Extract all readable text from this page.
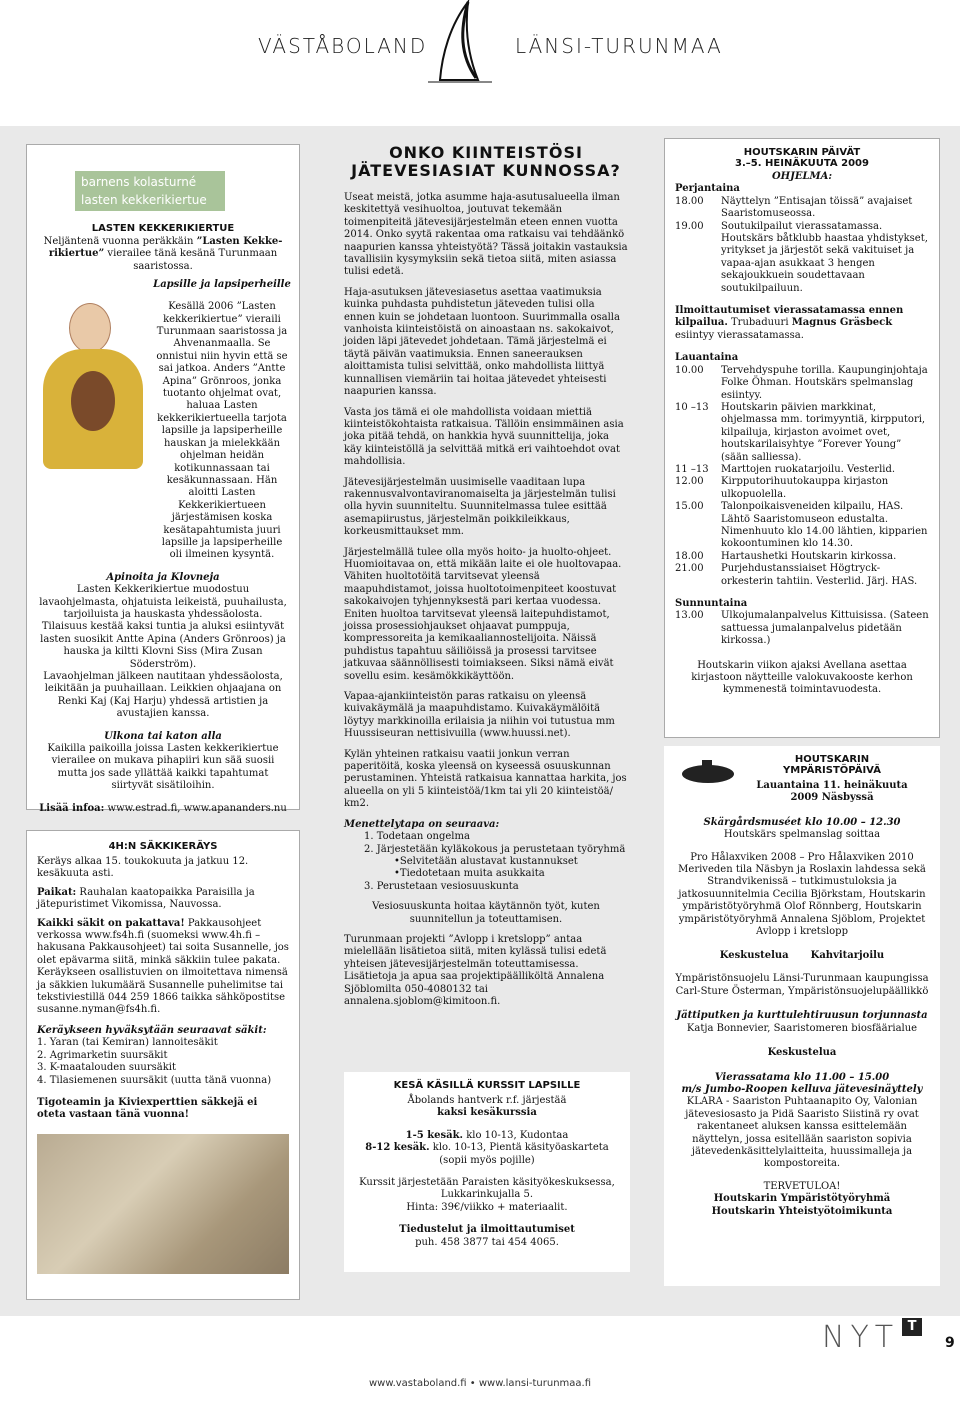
VÄSTÅBOLAND	LÄNSI-TURUNMAA
barnens kolasturné
lasten kekkerikiertue
LASTEN KEKKERIKIERTUE

Neljäntenä vuonna peräkkäin ”Lasten Kekke-rikiertue” vierailee tänä kesänä Turunmaan saaristossa.

Lapsille ja lapsiperheille

Kesällä 2006 ”Lasten kekkerikiertue” vieraili Turunmaan saaristossa ja Ahvenanmaalla. Se onnistui niin hyvin että se sai jatkoa. Anders ”Antte Apina” Grönroos, jonka tuotanto ohjelmat ovat, haluaa Lasten kekkerikiertueella tarjota lapsille ja lapsiperheille hauskan ja mielekkään ohjelman heidän kotikunnassaan tai kesäkunnassaan. Hän aloitti Lasten Kekkerikiertueen järjestämisen koska kesätapahtumista juuri lapsille ja lapsiperheille oli ilmeinen kysyntä.

Apinoita ja Klovneja

Lasten Kekkerikiertue muodostuu lavaohjelmasta, ohjatuista leikeistä, puuhailusta, tarjoiluista ja hauskasta yhdessäolosta.

Tilaisuus kestää kaksi tuntia ja aluksi esiintyvät lasten suosikit Antte Apina (Anders Grönroos) ja hauska ja kiltti Klovni Siss (Mira Zusan Söderström).

Lavaohjelman jälkeen nautitaan yhdessäolosta, leikitään ja puuhaillaan. Leikkien ohjaajana on Renki Kaj (Kaj Harju) yhdessä artistien ja avustajien kanssa.

Ulkona tai katon alla

Kaikilla paikoilla joissa Lasten kekkerikiertue vierailee on mukava pihapiiri kun sää suosii mutta jos sade yllättää kaikki tapahtumat siirtyvät sisätiloihin.

Lisää infoa: www.estrad.fi, www.apananders.nu

4H:N SÄKKIKERÄYS

Keräys alkaa 15. toukokuuta ja jatkuu 12. kesäkuuta asti.

Paikat: Rauhalan kaatopaikka Paraisilla ja jätepuristimet Vikomissa, Nauvossa.

Kaikki säkit on pakattava! Pakkausohjeet verkossa www.fs4h.fi (suomeksi www.4h.fi – hakusana Pakkausohjeet) tai soita Susannelle, jos olet epävarma siitä, minkä säkkiin tulee pakata. Keräykseen osallistuvien on ilmoitettava nimensä ja säkkien lukumäärä Susannelle puhelimitse tai tekstiviestillä 044 259 1866 taikka sähköpostitse susanne.nyman@fs4h.fi.

Keräykseen hyväksytään seuraavat säkit:

1. Yaran (tai Kemiran) lannoitesäkit

2. Agrimarketin suursäkit

3. K-maatalouden suursäkit

4. Tilasiemenen suursäkit (uutta tänä vuonna)

Tigoteamin ja Kiviexperttien säkkejä ei oteta vastaan tänä vuonna!

ONKO KIINTEISTÖSI
JÄTEVESIASIAT KUNNOSSA?

Useat meistä, jotka asumme haja-asutusalueella ilman keskitettyä vesihuoltoa, joutuvat tekemään toimenpiteitä jätevesijärjestelmän eteen ennen vuotta 2014. Onko syytä rakentaa oma ratkaisu vai tehdäänkö naapurien kanssa yhteistyötä? Tässä joitakin vastauksia tavallisiin kysymyksiin sekä tietoa siitä, miten asiassa tulisi edetä.

Haja-asutuksen jätevesiasetus asettaa vaatimuksia kuinka puhdasta puhdistetun jäteveden tulisi olla ennen kuin se johdetaan luontoon. Suurimmalla osalla vanhoista kiinteistöistä on ainoastaan ns. sakokaivot, joiden läpi jätevedet johdetaan. Tämä järjestelmä ei täytä päivän vaatimuksia. Ennen saneerauksen aloittamista tulisi selvittää, onko mahdollista liittyä kunnallisen viemäriin tai hoitaa jätevedet yhteisesti naapurien kanssa.

Vasta jos tämä ei ole mahdollista voidaan miettiä kiinteistökohtaista ratkaisua. Tällöin ensimmäinen asia joka pitää tehdä, on hankkia hyvä suunnittelija, joka käy kiinteistöllä ja selvittää mitkä eri vaihtoehdot ovat mahdollisia.

Jätevesijärjestelmän uusimiselle vaaditaan lupa rakennusvalvontaviranomaiselta ja järjestelmän tulisi olla hyvin suunniteltu. Suunnitelmassa tulee esittää asemapiirustus, järjestelmän poikkileikkaus, korkeusmittaukset mm.

Järjestelmällä tulee olla myös hoito- ja huolto-ohjeet. Huomioitavaa on, että mikään laite ei ole huoltovapaa. Vähiten huoltotöitä tarvitsevat yleensä maapuhdistamot, joissa huoltotoimenpiteet koostuvat sakokaivojen tyhjennyksestä pari kertaa vuodessa. Eniten huoltoa tarvitsevat yleensä laitepuhdistamot, joissa prosessiohjaukset ohjaavat pumppuja, kompressoreita ja kemikaaliannostelijoita. Näissä puhdistus tapahtuu säiliöissä ja prosessi tarvitsee jatkuvaa säännöllisesti toimiakseen. Siksi nämä eivät sovellu esim. kesämökkikäyttöön.

Vapaa-ajankiinteistön paras ratkaisu on yleensä kuivakäymälä ja maapuhdistamo. Kuivakäymälöitä löytyy markkinoilla erilaisia ja niihin voi tutustua mm Huussiseuran nettisivuilla (www.huussi.net).

Kylän yhteinen ratkaisu vaatii jonkun verran paperitöitä, koska yleensä on kyseessä osuuskunnan perustaminen. Yhteistä ratkaisua kannattaa harkita, jos alueella on yli 5 kiinteistöä/1km tai yli 20 kiinteistöä/ km2.

Menettelytapa on seuraava:

1. Todetaan ongelma

2. Järjestetään kyläkokous ja perustetaan työryhmä

•Selvitetään alustavat kustannukset

•Tiedotetaan muita asukkaita

3. Perustetaan vesiosuuskunta

Vesiosuuskunta hoitaa käytännön työt, kuten suunnitellun ja toteuttamisen.

Turunmaan projekti ”Avlopp i kretslopp” antaa mielellään lisätietoa siitä, miten kylässä tulisi edetä yhteisen jätevesijärjestelmän toteuttamisessa. Lisätietoja ja apua saa projektipäälliköltä Annalena Sjöblomilta 050-4080132 tai annalena.sjoblom@kimitoon.fi.

KESÄ KÄSILLÄ KURSSIT LAPSILLE

Åbolands hantverk r.f. järjestää

kaksi kesäkurssia

1-5 kesäk. klo 10-13, Kudontaa

8-12 kesäk. klo. 10-13, Pientä käsityöaskarteta (sopii myös pojille)

Kurssit järjestetään Paraisten käsityökeskuksessa, Lukkarinkujalla 5.

Hinta: 39€/viikko + materiaalit.

Tiedustelut ja ilmoittautumiset

puh. 458 3877 tai 454 4065.

HOUTSKARIN PÄIVÄT
3.–5. HEINÄKUUTA 2009

OHJELMA:

Perjantaina

18.00	Näyttelyn ”Entisajan töissä” avajaiset Saaristomuseossa.
19.00	Soutukilpailut vierassatamassa. Houtskärs båtklubb haastaa yhdistykset, yritykset ja järjestöt sekä vakituiset ja vapaa-ajan asukkaat 3 hengen sekajoukkuein soudettavaan soutukilpailuun.

Ilmoittautumiset vierassatamassa ennen kilpailua. Trubaduuri Magnus Gräsbeck esiintyy vierassatamassa.

Lauantaina

10.00	Tervehdyspuhe torilla. Kaupunginjohtaja Folke Öhman. Houtskärs spelmanslag esiintyy.
10 –13	Houtskarin päivien markkinat, ohjelmassa mm. torimyyntiä, kirpputori, kilpailuja, kirjaston avoimet ovet, houtskarilaisyhtye ”Forever Young” (sään salliessa).
11 –13	Marttojen ruokatarjoilu. Vesterlid.
12.00	Kirpputorihuutokauppa kirjaston ulkopuolella.
15.00	Talonpoikaisveneiden kilpailu, HAS. Lähtö Saaristomuseon edustalta. Nimenhuuto klo 14.00 lähtien, kipparien kokoontuminen klo 14.30.
18.00	Hartaushetki Houtskarin kirkossa.
21.00	Purjehdustanssiaiset Högtryck-orkesterin tahtiin. Vesterlid. Järj. HAS.

Sunnuntaina

13.00	Ulkojumalanpalvelus Kittuisissa. (Sateen sattuessa jumalanpalvelus pidetään kirkossa.)

Houtskarin viikon ajaksi Avellana asettaa kirjastoon näytteille valokuvakooste kerhon kymmenestä toimintavuodesta.

HOUTSKARIN
YMPÄRISTÖPÄIVÄ

Lauantaina 11. heinäkuuta

2009 Näsbyssä

Skärgårdsmuséet klo 10.00 – 12.30

Houtskärs spelmanslag soittaa

Pro Hålaxviken 2008 – Pro Hålaxviken 2010 Meriveden tila Näsbyn ja Roslaxin lahdessa sekä Strandvikenissä – tutkimustuloksia ja jatkosuunnitelmia Cecilia Björkstam, Houtskarin ympäristötyöryhmä Olof Rönnberg, Houtskarin ympäristötyöryhmä Annalena Sjöblom, Projektet Avlopp i kretslopp

Keskustelua Kahvitarjoilu

Ympäristönsuojelu Länsi-Turunmaan kaupungissa Carl-Sture Österman, Ympäristönsuojelupäällikkö

Jättiputken ja kurttulehtiruusun torjunnasta

Katja Bonnevier, Saaristomeren biosfäärialue

Keskustelua

Vierassatama klo 11.00 – 15.00

m/s Jumbo-Roopen kelluva jätevesinäyttely

KLARA - Saariston Puhtaanapito Oy, Valonian jätevesiosasto ja Pidä Saaristo Siistinä ry ovat rakentaneet aluksen kanssa esittelemään näyttelyn, jossa esitellään saariston sopivia jätevedenkäsittelylaitteita, huussimalleja ja kompostoreita.

TERVETULOA!

Houtskarin Ympäristötyöryhmä

Houtskarin Yhteistyötoimikunta

NYT T
9
www.vastaboland.fi • www.lansi-turunmaa.fi
